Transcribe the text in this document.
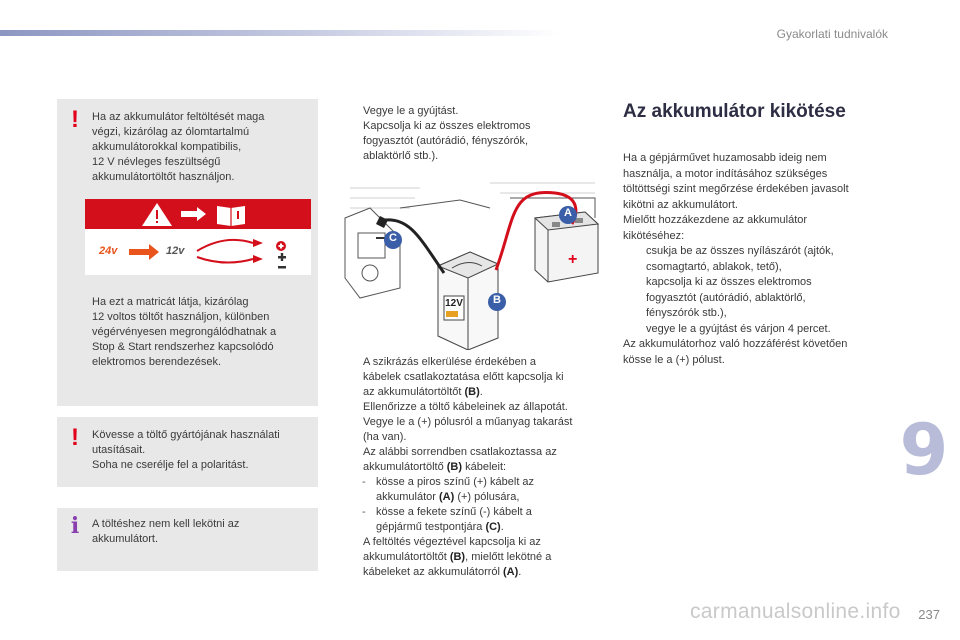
Gyakorlati tudnivalók
! Ha az akkumulátor feltöltését maga

végzi, kizárólag az ólomtartalmú

akkumulátorokkal kompatibilis,

12 V névleges feszültségű

akkumulátortöltőt használjon.

24v	12v

Ha ezt a matricát látja, kizárólag

12 voltos töltőt használjon, különben

végérvényesen megrongálódhatnak a

Stop & Start rendszerhez kapcsolódó

elektromos berendezések.

! Kövesse a töltő gyártójának használati

utasításait.

Soha ne cserélje fel a polaritást.

i A töltéshez nem kell lekötni az

akkumulátort.

Vegye le a gyújtást.
Kapcsolja ki az összes elektromos
fogyasztót (autórádió, fényszórók,
ablaktörlő stb.).
+
A
B
C
12V
A szikrázás elkerülése érdekében a
kábelek csatlakoztatása előtt kapcsolja ki
az akkumulátortöltőt (B).
Ellenőrizze a töltő kábeleinek az állapotát.
Vegye le a (+) pólusról a műanyag takarást
(ha van).
Az alábbi sorrendben csatlakoztassa az
akkumulátortöltő (B) kábeleit:
- kösse a piros színű (+) kábelt az
akkumulátor (A) (+) pólusára,
- kösse a fekete színű (-) kábelt a
gépjármű testpontjára (C).
A feltöltés végeztével kapcsolja ki az
akkumulátortöltőt (B), mielőtt lekötné a
kábeleket az akkumulátorról (A).
Az akkumulátor kikötése
Ha a gépjárművet huzamosabb ideig nem
használja, a motor indításához szükséges
töltöttségi szint megőrzése érdekében javasolt
kikötni az akkumulátort.
Mielőtt hozzákezdene az akkumulátor
kikötéséhez:
csukja be az összes nyílászárót (ajtók,
csomagtartó, ablakok, tető),
kapcsolja ki az összes elektromos
fogyasztót (autórádió, ablaktörlő,
fényszórók stb.),
vegye le a gyújtást és várjon 4 percet.
Az akkumulátorhoz való hozzáférést követően
kösse le a (+) pólust.
9
carmanualsonline.info 237
